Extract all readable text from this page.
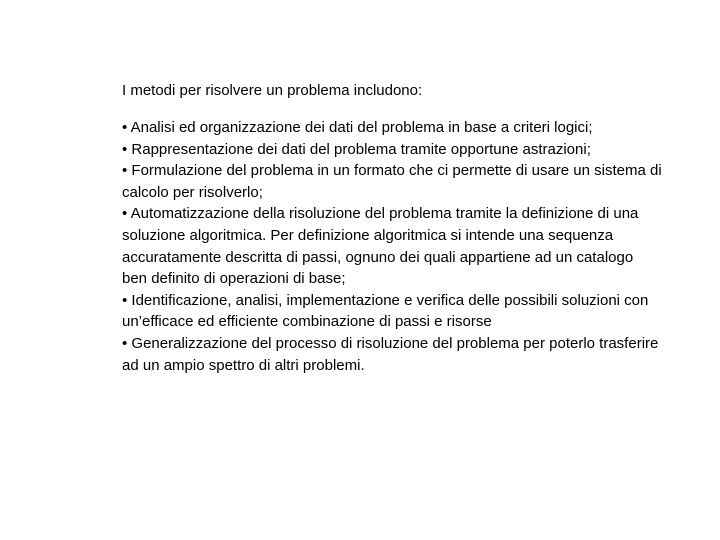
I metodi per risolvere un problema includono:

• Analisi ed organizzazione dei dati del problema in base a criteri logici;
• Rappresentazione dei dati del problema tramite opportune astrazioni;
• Formulazione del problema in un formato che ci permette di usare un sistema di calcolo per risolverlo;
• Automatizzazione della risoluzione del problema tramite la definizione di una soluzione algoritmica. Per definizione algoritmica si intende una sequenza accuratamente descritta di passi, ognuno dei quali appartiene ad un catalogo ben definito di operazioni di base;
• Identificazione, analisi, implementazione e verifica delle possibili soluzioni con un’efficace ed efficiente combinazione di passi e risorse
• Generalizzazione del processo di risoluzione del problema per poterlo trasferire ad un ampio spettro di altri problemi.
